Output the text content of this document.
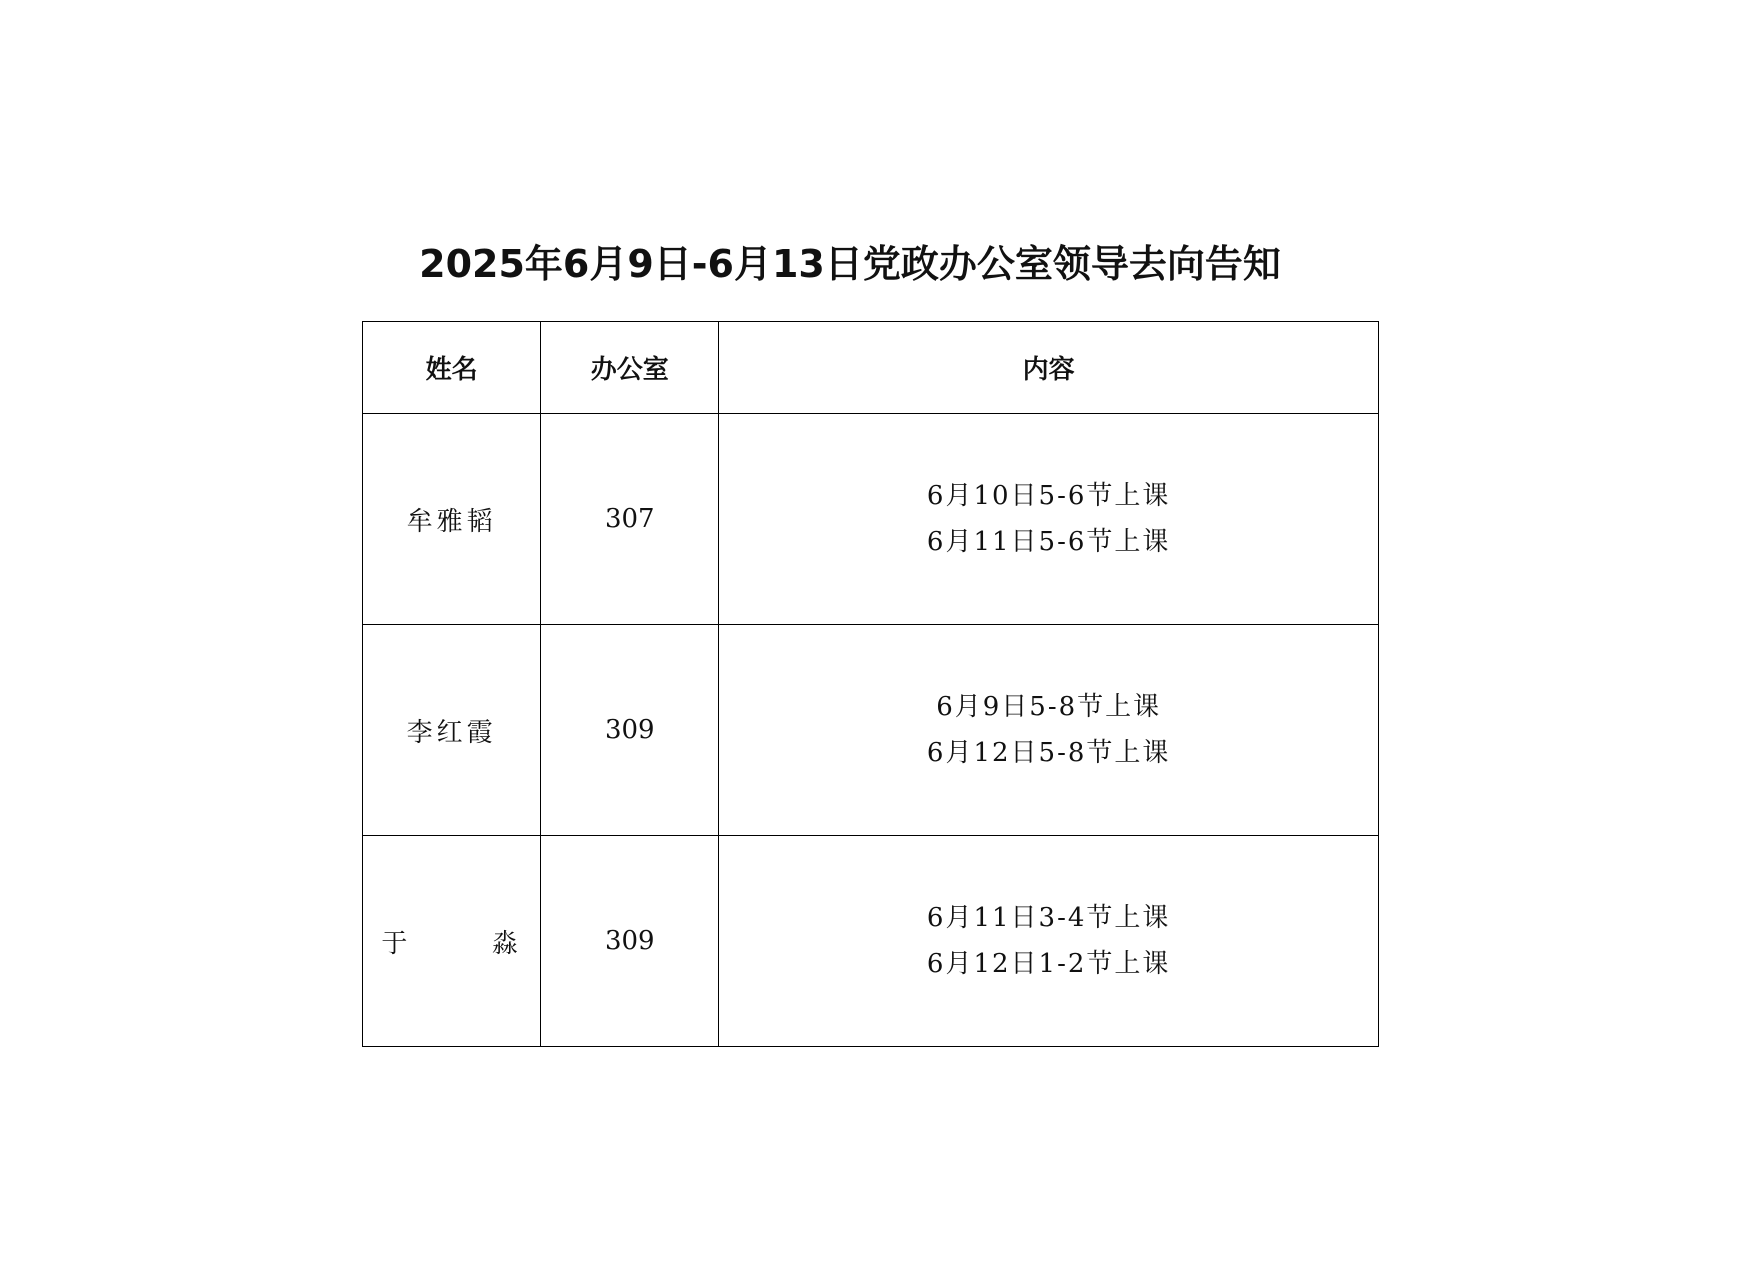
2025年6月9日-6月13日党政办公室领导去向告知
姓名	办公室	内容
牟雅韬	307	6月10日5-6节上课
6月11日5-6节上课

李红霞	309	6月9日5-8节上课
6月12日5-8节上课

于  淼	309	6月11日3-4节上课
6月12日1-2节上课
